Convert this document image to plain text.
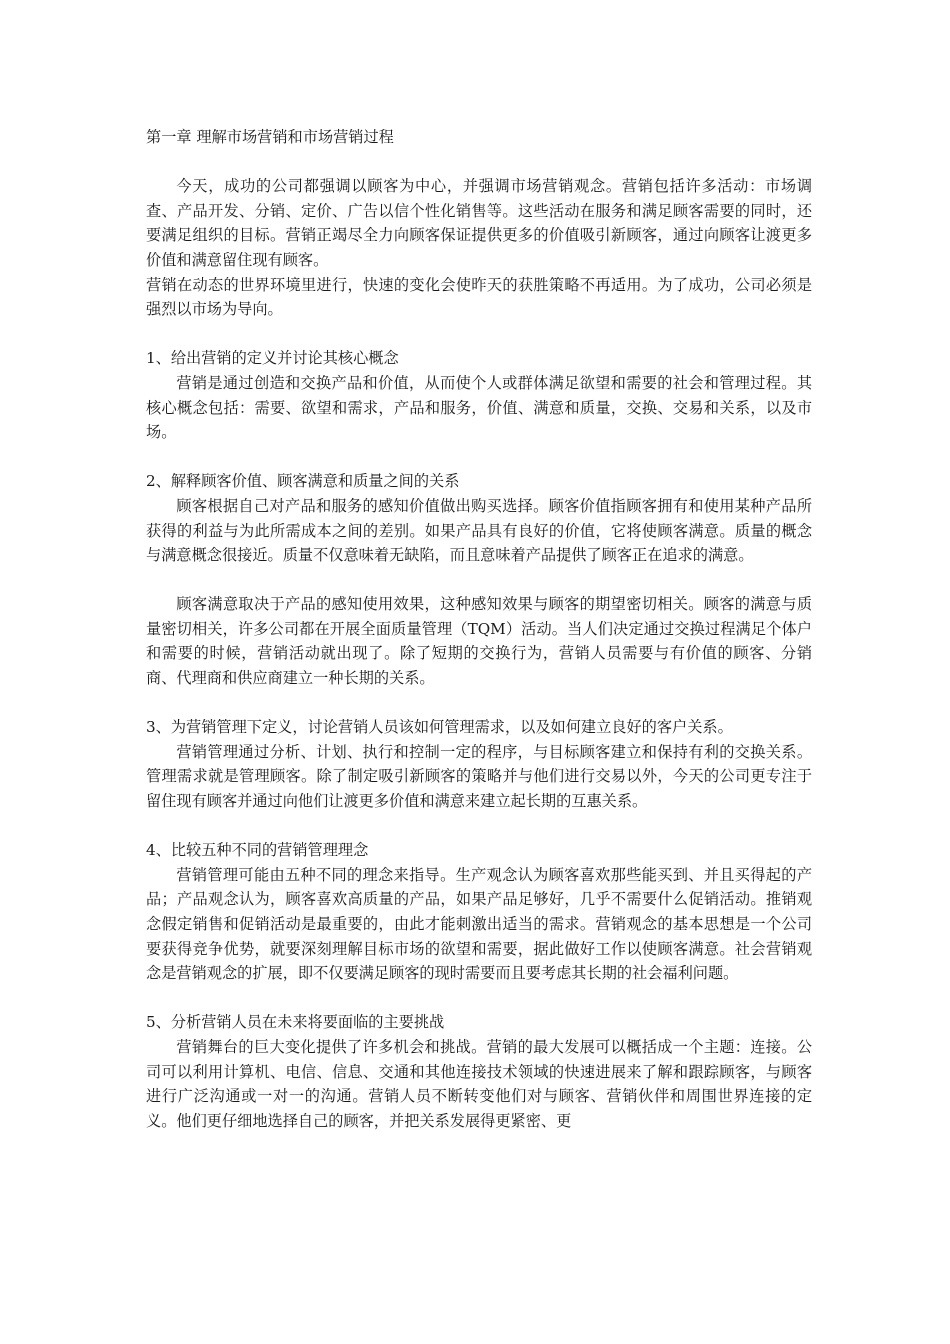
第一章 理解市场营销和市场营销过程

今天，成功的公司都强调以顾客为中心，并强调市场营销观念。营销包括许多活动：市场调查、产品开发、分销、定价、广告以信个性化销售等。这些活动在服务和满足顾客需要的同时，还要满足组织的目标。营销正竭尽全力向顾客保证提供更多的价值吸引新顾客，通过向顾客让渡更多价值和满意留住现有顾客。

营销在动态的世界环境里进行，快速的变化会使昨天的获胜策略不再适用。为了成功，公司必须是强烈以市场为导向。

1、给出营销的定义并讨论其核心概念

营销是通过创造和交换产品和价值，从而使个人或群体满足欲望和需要的社会和管理过程。其核心概念包括：需要、欲望和需求，产品和服务，价值、满意和质量，交换、交易和关系，以及市场。

2、解释顾客价值、顾客满意和质量之间的关系

顾客根据自己对产品和服务的感知价值做出购买选择。顾客价值指顾客拥有和使用某种产品所获得的利益与为此所需成本之间的差别。如果产品具有良好的价值，它将使顾客满意。质量的概念与满意概念很接近。质量不仅意味着无缺陷，而且意味着产品提供了顾客正在追求的满意。

顾客满意取决于产品的感知使用效果，这种感知效果与顾客的期望密切相关。顾客的满意与质量密切相关，许多公司都在开展全面质量管理（TQM）活动。当人们决定通过交换过程满足个体户和需要的时候，营销活动就出现了。除了短期的交换行为，营销人员需要与有价值的顾客、分销商、代理商和供应商建立一种长期的关系。

3、为营销管理下定义，讨论营销人员该如何管理需求，以及如何建立良好的客户关系。

营销管理通过分析、计划、执行和控制一定的程序，与目标顾客建立和保持有利的交换关系。管理需求就是管理顾客。除了制定吸引新顾客的策略并与他们进行交易以外，今天的公司更专注于留住现有顾客并通过向他们让渡更多价值和满意来建立起长期的互惠关系。

4、比较五种不同的营销管理理念

营销管理可能由五种不同的理念来指导。生产观念认为顾客喜欢那些能买到、并且买得起的产品；产品观念认为，顾客喜欢高质量的产品，如果产品足够好，几乎不需要什么促销活动。推销观念假定销售和促销活动是最重要的，由此才能刺激出适当的需求。营销观念的基本思想是一个公司要获得竞争优势，就要深刻理解目标市场的欲望和需要，据此做好工作以使顾客满意。社会营销观念是营销观念的扩展，即不仅要满足顾客的现时需要而且要考虑其长期的社会福利问题。

5、分析营销人员在未来将要面临的主要挑战

营销舞台的巨大变化提供了许多机会和挑战。营销的最大发展可以概括成一个主题：连接。公司可以利用计算机、电信、信息、交通和其他连接技术领域的快速进展来了解和跟踪顾客，与顾客进行广泛沟通或一对一的沟通。营销人员不断转变他们对与顾客、营销伙伴和周围世界连接的定义。他们更仔细地选择自己的顾客，并把关系发展得更紧密、更
